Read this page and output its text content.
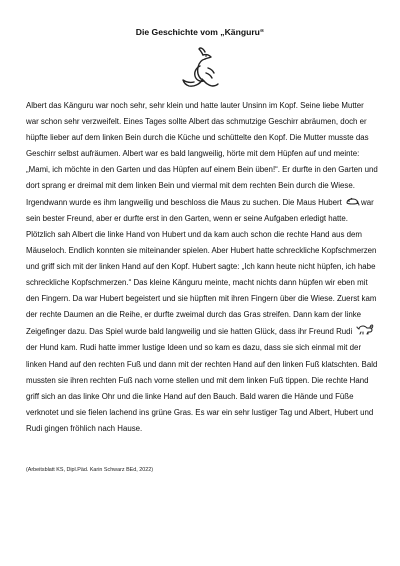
Die Geschichte vom „Känguru“

Albert das Känguru war noch sehr, sehr klein und hatte lauter Unsinn im Kopf. Seine liebe Mutter war schon sehr verzweifelt. Eines Tages sollte Albert das schmutzige Geschirr abräumen, doch er hüpfte lieber auf dem linken Bein durch die Küche und schüttelte den Kopf. Die Mutter musste das Geschirr selbst aufräumen. Albert war es bald langweilig, hörte mit dem Hüpfen auf und meinte: „Mami, ich möchte in den Garten und das Hüpfen auf einem Bein üben!“. Er durfte in den Garten und dort sprang er dreimal mit dem linken Bein und viermal mit dem rechten Bein durch die Wiese. Irgendwann wurde es ihm langweilig und beschloss die Maus zu suchen. Die Maus Hubert war sein bester Freund, aber er durfte erst in den Garten, wenn er seine Aufgaben erledigt hatte. Plötzlich sah Albert die linke Hand von Hubert und da kam auch schon die rechte Hand aus dem Mäuseloch. Endlich konnten sie miteinander spielen. Aber Hubert hatte schreckliche Kopfschmerzen und griff sich mit der linken Hand auf den Kopf. Hubert sagte: „Ich kann heute nicht hüpfen, ich habe schreckliche Kopfschmerzen.“ Das kleine Känguru meinte, macht nichts dann hüpfen wir eben mit den Fingern. Da war Hubert begeistert und sie hüpften mit ihren Fingern über die Wiese. Zuerst kam der rechte Daumen an die Reihe, er durfte zweimal durch das Gras streifen. Dann kam der linke Zeigefinger dazu. Das Spiel wurde bald langweilig und sie hatten Glück, dass ihr Freund Rudi der Hund kam. Rudi hatte immer lustige Ideen und so kam es dazu, dass sie sich einmal mit der linken Hand auf den rechten Fuß und dann mit der rechten Hand auf den linken Fuß klatschten. Bald mussten sie ihren rechten Fuß nach vorne stellen und mit dem linken Fuß tippen. Die rechte Hand griff sich an das linke Ohr und die linke Hand auf den Bauch. Bald waren die Hände und Füße verknotet und sie fielen lachend ins grüne Gras. Es war ein sehr lustiger Tag und Albert, Hubert und Rudi gingen fröhlich nach Hause.

(Arbeitsblatt KS, Dipl.Päd. Karin Schwarz BEd, 2022)
